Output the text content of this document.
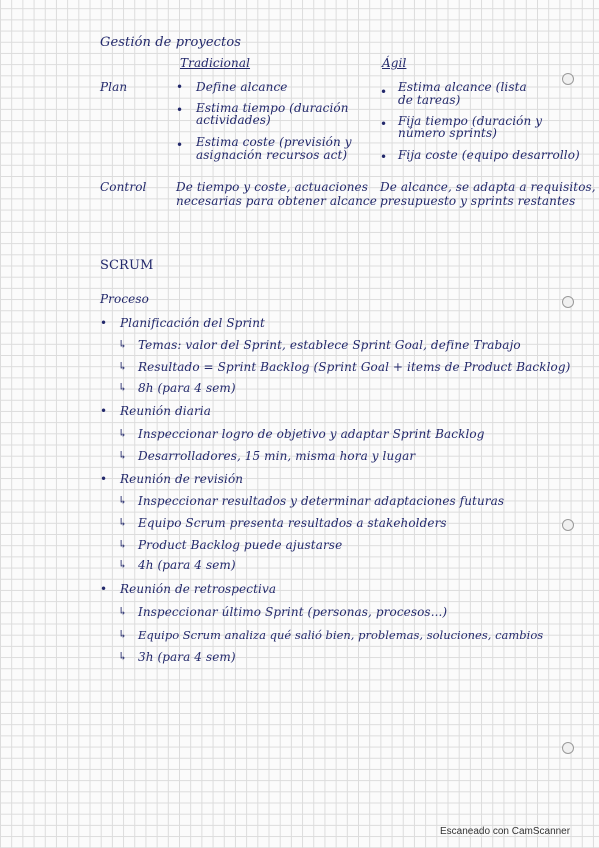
Gestión de proyectos
Tradicional	Ágil
Plan	• Define alcance
• Estima tiempo (duración
actividades)
• Estima coste (previsión y
asignación recursos act)
• Estima alcance (lista
de tareas)
• Fija tiempo (duración y
número sprints)
• Fija coste (equipo desarrollo)
Control De tiempo y coste, actuaciones
necesarias para obtener alcance
De alcance, se adapta a requisitos,
presupuesto y sprints restantes
SCRUM
Proceso
• Planificación del Sprint
↳ Temas: valor del Sprint, establece Sprint Goal, define Trabajo
↳ Resultado = Sprint Backlog (Sprint Goal + items de Product Backlog)
↳ 8h (para 4 sem)
• Reunión diaria
↳ Inspeccionar logro de objetivo y adaptar Sprint Backlog
↳ Desarrolladores, 15 min, misma hora y lugar
• Reunión de revisión
↳ Inspeccionar resultados y determinar adaptaciones futuras
↳ Equipo Scrum presenta resultados a stakeholders
↳ Product Backlog puede ajustarse
↳ 4h (para 4 sem)
• Reunión de retrospectiva
↳ Inspeccionar último Sprint (personas, procesos...)
↳ Equipo Scrum analiza qué salió bien, problemas, soluciones, cambios
↳ 3h (para 4 sem)
Escaneado con CamScanner
